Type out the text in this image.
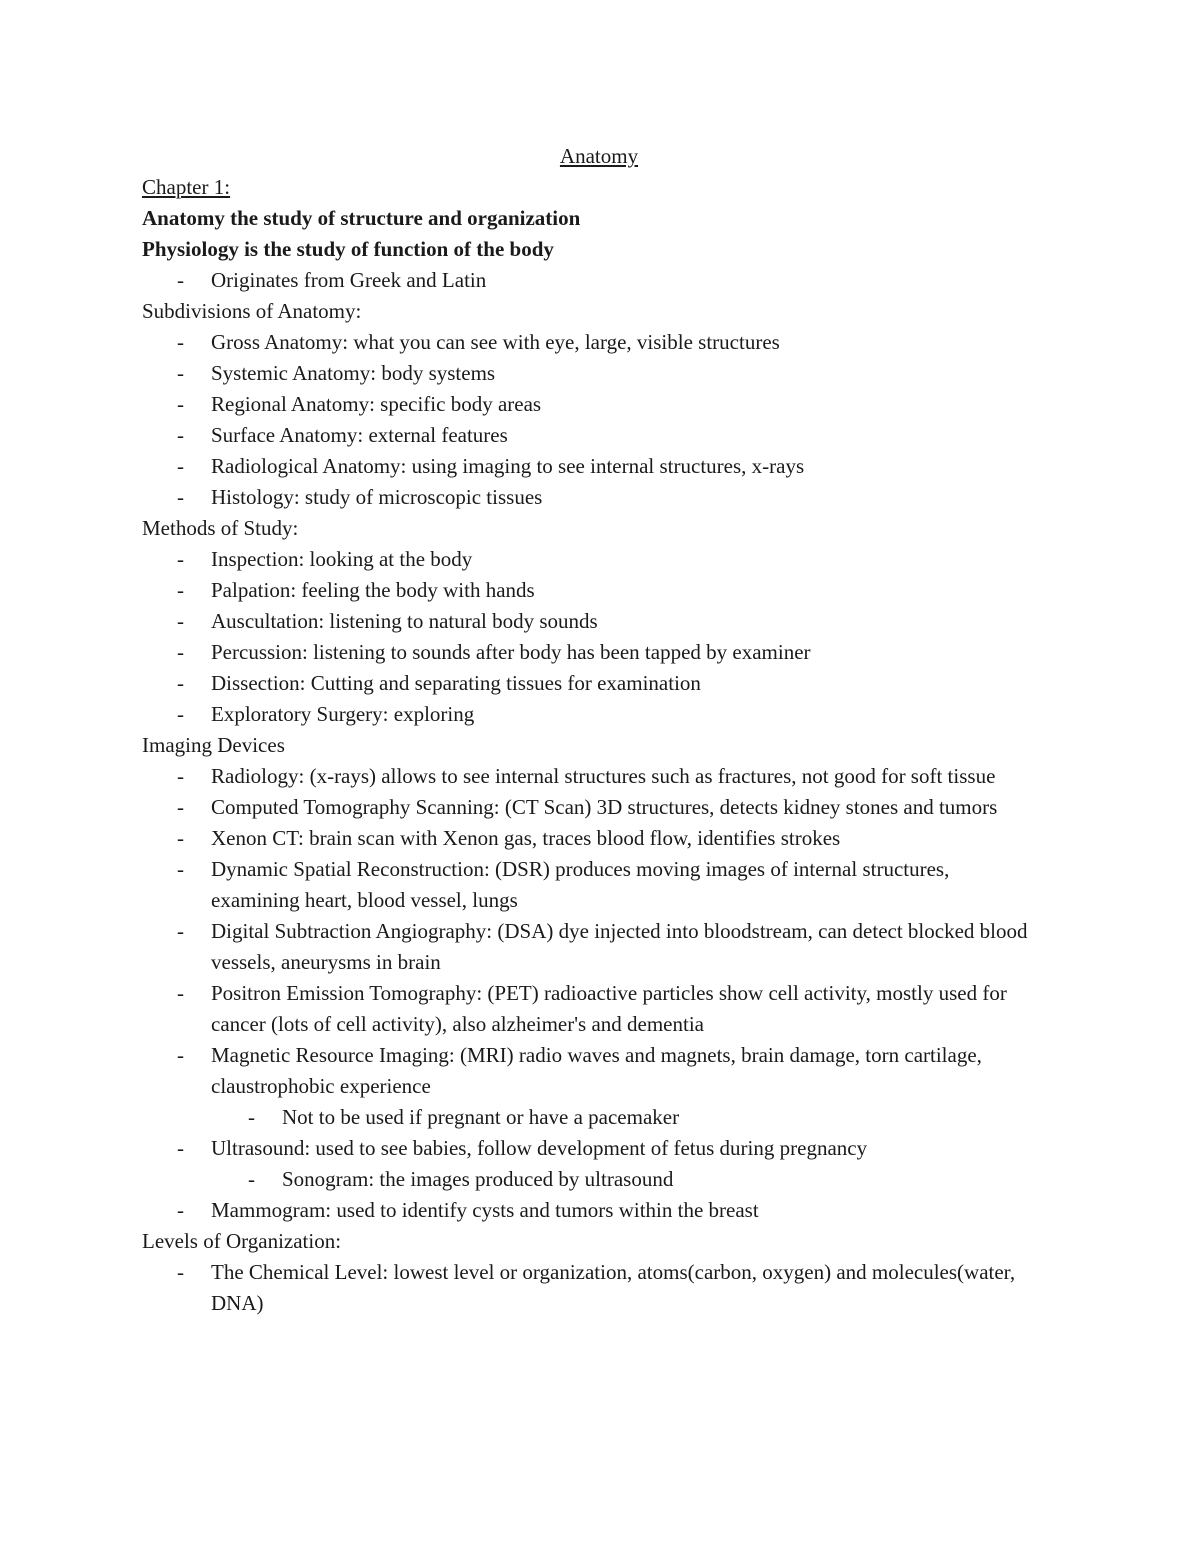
Anatomy
Chapter 1:
Anatomy the study of structure and organization
Physiology is the study of function of the body
- Originates from Greek and Latin
Subdivisions of Anatomy:
- Gross Anatomy: what you can see with eye, large, visible structures
- Systemic Anatomy: body systems
- Regional Anatomy: specific body areas
- Surface Anatomy: external features
- Radiological Anatomy: using imaging to see internal structures, x-rays
- Histology: study of microscopic tissues
Methods of Study:
- Inspection: looking at the body
- Palpation: feeling the body with hands
- Auscultation: listening to natural body sounds
- Percussion: listening to sounds after body has been tapped by examiner
- Dissection: Cutting and separating tissues for examination
- Exploratory Surgery: exploring
Imaging Devices
- Radiology: (x-rays) allows to see internal structures such as fractures, not good for soft tissue
- Computed Tomography Scanning: (CT Scan) 3D structures, detects kidney stones and tumors
- Xenon CT: brain scan with Xenon gas, traces blood flow, identifies strokes
- Dynamic Spatial Reconstruction: (DSR) produces moving images of internal structures, examining heart, blood vessel, lungs
- Digital Subtraction Angiography: (DSA) dye injected into bloodstream, can detect blocked blood vessels, aneurysms in brain
- Positron Emission Tomography: (PET) radioactive particles show cell activity, mostly used for cancer (lots of cell activity), also alzheimer's and dementia
- Magnetic Resource Imaging: (MRI) radio waves and magnets, brain damage, torn cartilage, claustrophobic experience
- Not to be used if pregnant or have a pacemaker
- Ultrasound: used to see babies, follow development of fetus during pregnancy
- Sonogram: the images produced by ultrasound
- Mammogram: used to identify cysts and tumors within the breast
Levels of Organization:
- The Chemical Level: lowest level or organization, atoms(carbon, oxygen) and molecules(water, DNA)
